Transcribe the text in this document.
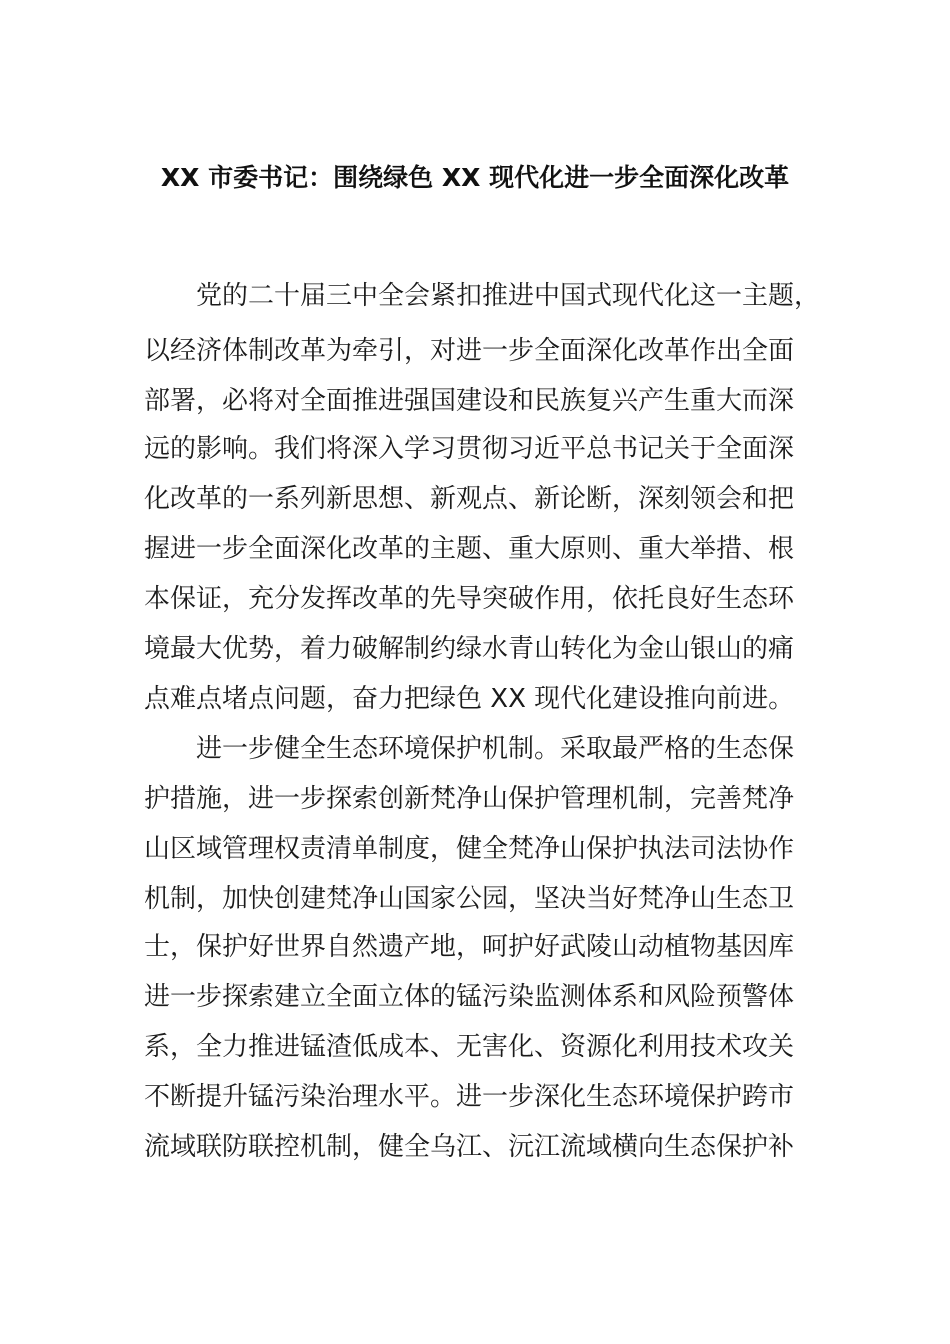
XX 市委书记：围绕绿色 XX 现代化进一步全面深化改革

党的二十届三中全会紧扣推进中国式现代化这一主题，

以经济体制改革为牵引，对进一步全面深化改革作出全面

部署，必将对全面推进强国建设和民族复兴产生重大而深

远的影响。我们将深入学习贯彻习近平总书记关于全面深

化改革的一系列新思想、新观点、新论断，深刻领会和把

握进一步全面深化改革的主题、重大原则、重大举措、根

本保证，充分发挥改革的先导突破作用，依托良好生态环

境最大优势，着力破解制约绿水青山转化为金山银山的痛

点难点堵点问题，奋力把绿色 XX 现代化建设推向前进。

进一步健全生态环境保护机制。采取最严格的生态保

护措施，进一步探索创新梵净山保护管理机制，完善梵净

山区域管理权责清单制度，健全梵净山保护执法司法协作

机制，加快创建梵净山国家公园，坚决当好梵净山生态卫

士，保护好世界自然遗产地，呵护好武陵山动植物基因库

进一步探索建立全面立体的锰污染监测体系和风险预警体

系，全力推进锰渣低成本、无害化、资源化利用技术攻关

不断提升锰污染治理水平。进一步深化生态环境保护跨市

流域联防联控机制，健全乌江、沅江流域横向生态保护补
